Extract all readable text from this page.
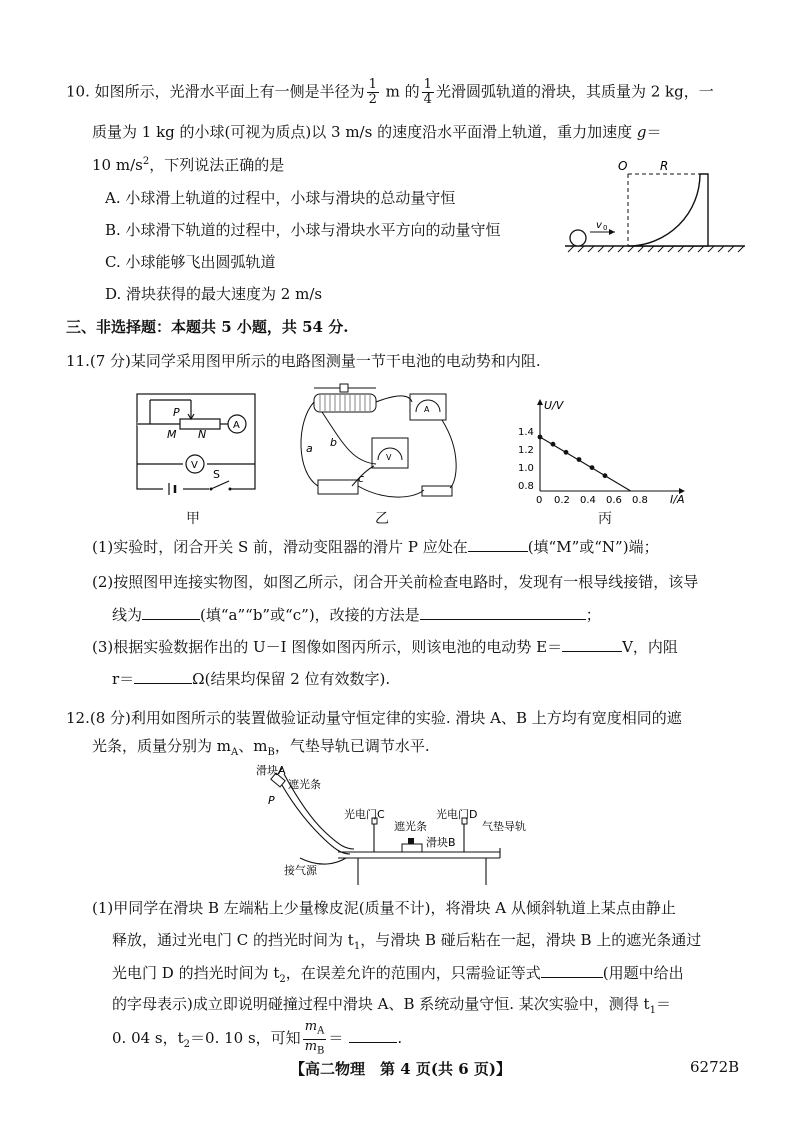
10. 如图所示，光滑水平面上有一侧是半径为 $\frac{1}{2}$ m 的 $\frac{1}{4}$ 光滑圆弧轨道的滑块，其质量为 2 kg，一
质量为 1 kg 的小球(可视为质点)以 3 m/s 的速度沿水平面滑上轨道，重力加速度 g＝
10 $m/s^2$，下列说法正确的是
A. 小球滑上轨道的过程中，小球与滑块的总动量守恒
B. 小球滑下轨道的过程中，小球与滑块水平方向的动量守恒
C. 小球能够飞出圆弧轨道
D. 滑块获得的最大速度为 2 m/s
v 0
O	R
三、非选择题：本题共 5 小题，共 54 分.
11.(7 分)某同学采用图甲所示的电路图测量一节干电池的电动势和内阻.
A
V
P
M N
S
甲
a b
c
A
V
乙
U/V
I/A
1.4
1.2
1.0
0.8
0 0.2 0.4 0.6 0.8
丙
(1)实验时，闭合开关 S 前，滑动变阻器的滑片 P 应处在	(填“M”或“N”)端；
(2)按照图甲连接实物图，如图乙所示，闭合开关前检查电路时，发现有一根导线接错，该导
线为	(填“a”“b”或“c”)，改接的方法是	；
(3)根据实验数据作出的 U－I 图像如图丙所示，则该电池的电动势 E＝	V，内阻
r＝	Ω(结果均保留 2 位有效数字).
12.(8 分)利用如图所示的装置做验证动量守恒定律的实验. 滑块 A、B 上方均有宽度相同的遮
光条，质量分别为 $m_A$、$m_B$，气垫导轨已调节水平.
滑块A
遮光条
P
光电门C	光电门D
气垫导轨
遮光条
滑块B
接气源
(1)甲同学在滑块 B 左端粘上少量橡皮泥(质量不计)，将滑块 A 从倾斜轨道上某点由静止
释放，通过光电门 C 的挡光时间为 $t_1$，与滑块 B 碰后粘在一起，滑块 B 上的遮光条通过
光电门 D 的挡光时间为 $t_2$，在误差允许的范围内，只需验证等式	(用题中给出
的字母表示)成立即说明碰撞过程中滑块 A、B 系统动量守恒. 某次实验中，测得 $t_1=$
0. 04 s，$t_2=0$. 10 s，可知 $\frac{m_A}{m_B}$ ＝	.
【高二物理　第 4 页(共 6 页)】	6272B
